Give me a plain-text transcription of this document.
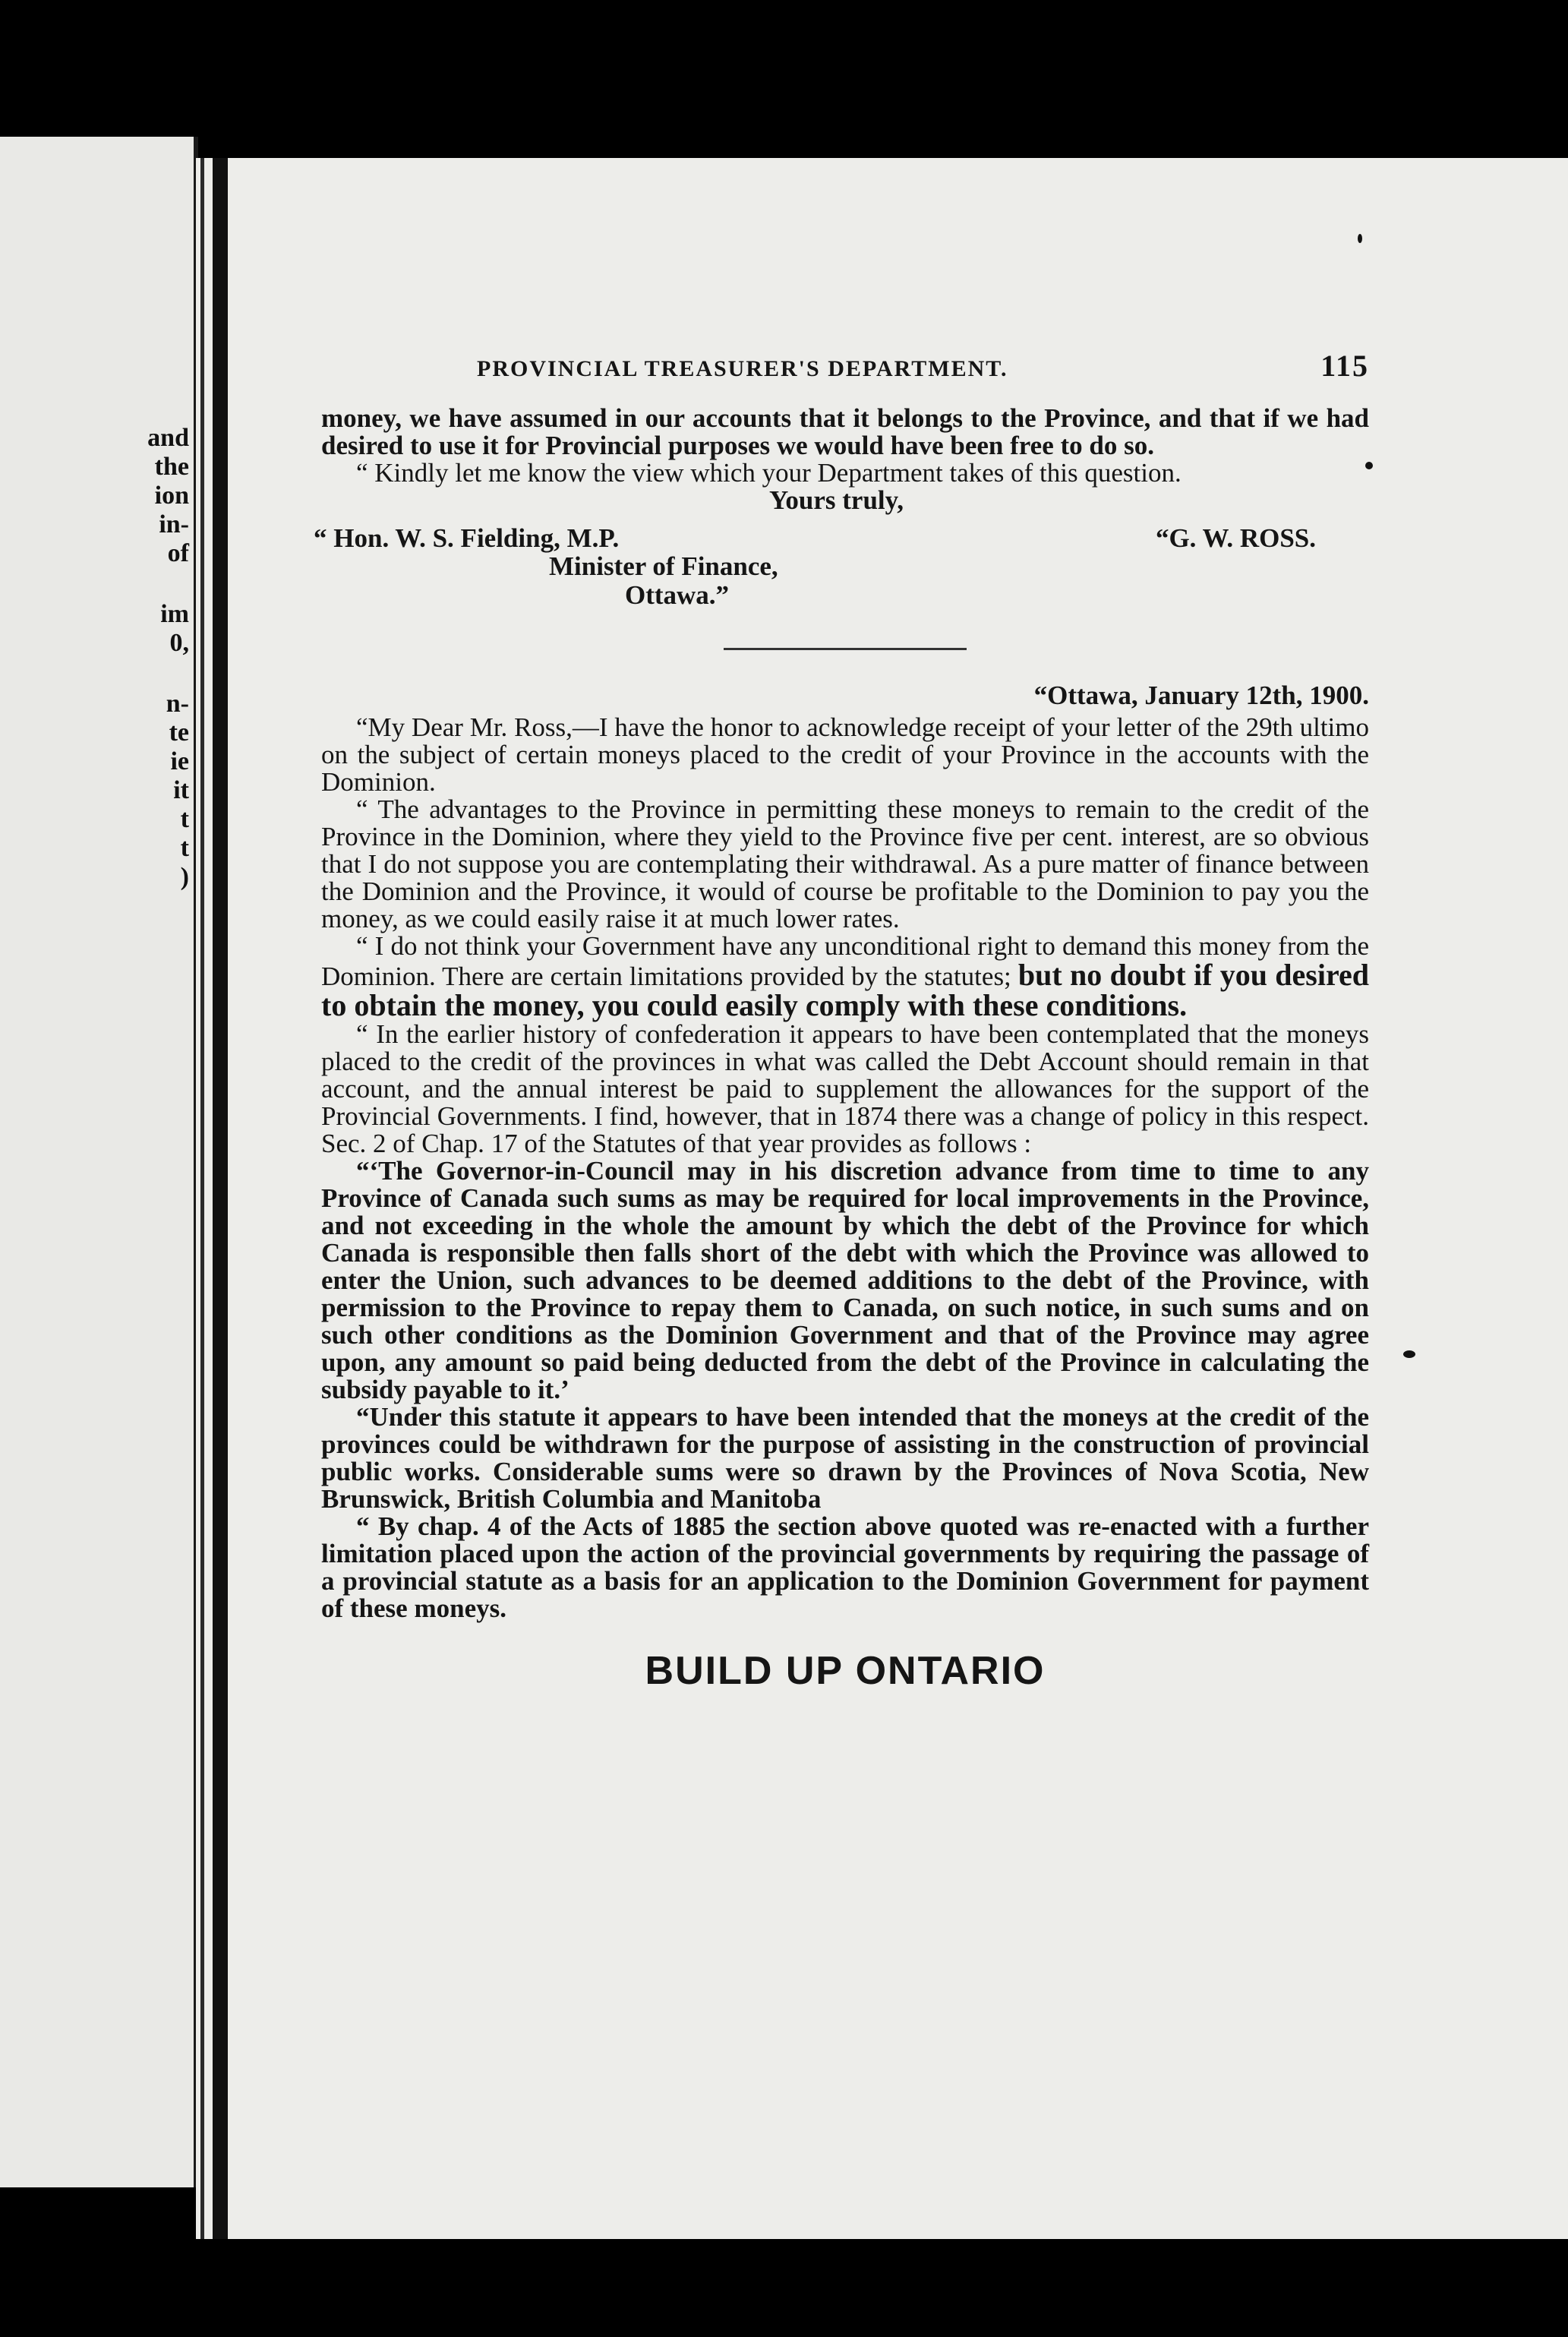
and
the
ion
in-
of
im
0,
n-
te
ie
it
t
t
)
PROVINCIAL TREASURER'S DEPARTMENT.	115

money, we have assumed in our accounts that it belongs to the Province, and that if we had desired to use it for Provincial purposes we would have been free to do so.

“ Kindly let me know the view which your Department takes of this question.

Yours truly,
“ Hon. W. S. Fielding, M.P.	“G. W. ROSS.
Minister of Finance,
Ottawa.”
“Ottawa, January 12th, 1900.

“My Dear Mr. Ross,—I have the honor to acknowledge receipt of your letter of the 29th ultimo on the subject of certain moneys placed to the credit of your Province in the accounts with the Dominion.

“ The advantages to the Province in permitting these moneys to remain to the credit of the Province in the Dominion, where they yield to the Province five per cent. interest, are so obvious that I do not suppose you are contemplating their withdrawal. As a pure matter of finance between the Dominion and the Province, it would of course be profitable to the Dominion to pay you the money, as we could easily raise it at much lower rates.

“ I do not think your Government have any unconditional right to demand this money from the Dominion. There are certain limitations provided by the statutes; but no doubt if you desired to obtain the money, you could easily comply with these conditions.

“ In the earlier history of confederation it appears to have been contemplated that the moneys placed to the credit of the provinces in what was called the Debt Account should remain in that account, and the annual interest be paid to supplement the allowances for the support of the Provincial Governments. I find, however, that in 1874 there was a change of policy in this respect. Sec. 2 of Chap. 17 of the Statutes of that year provides as follows :

“‘The Governor-in-Council may in his discretion advance from time to time to any Province of Canada such sums as may be required for local improvements in the Province, and not exceeding in the whole the amount by which the debt of the Province for which Canada is responsible then falls short of the debt with which the Province was allowed to enter the Union, such advances to be deemed additions to the debt of the Province, with permission to the Province to repay them to Canada, on such notice, in such sums and on such other conditions as the Dominion Government and that of the Province may agree upon, any amount so paid being deducted from the debt of the Province in calculating the subsidy payable to it.’

“Under this statute it appears to have been intended that the moneys at the credit of the provinces could be withdrawn for the purpose of assisting in the construction of provincial public works. Considerable sums were so drawn by the Provinces of Nova Scotia, New Brunswick, British Columbia and Manitoba

“ By chap. 4 of the Acts of 1885 the section above quoted was re-enacted with a further limitation placed upon the action of the provincial governments by requiring the passage of a provincial statute as a basis for an application to the Dominion Government for payment of these moneys.

BUILD UP ONTARIO
